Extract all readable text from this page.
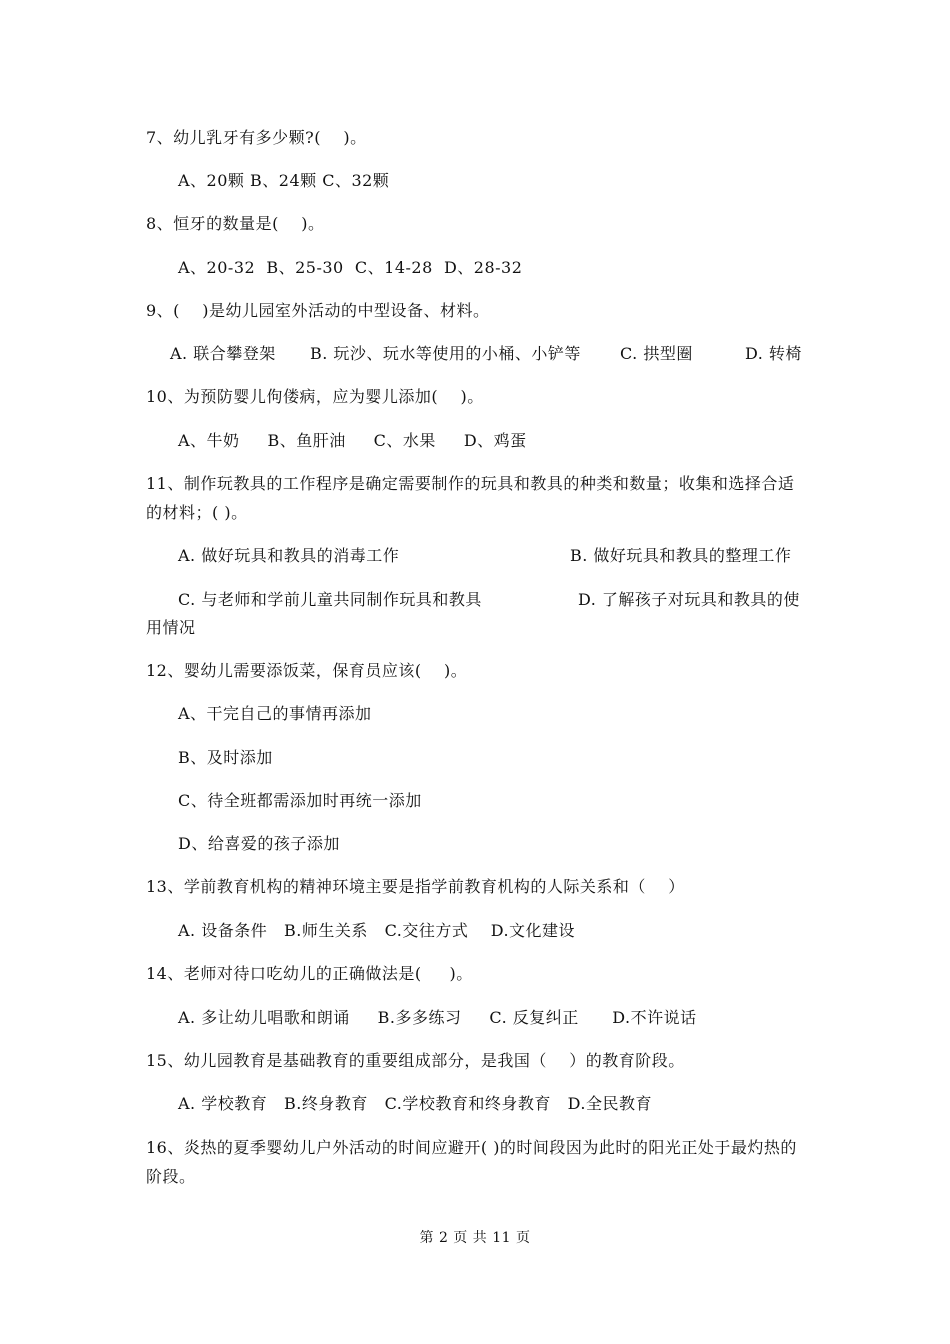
7、幼儿乳牙有多少颗?(    )。
A、20颗 B、24颗 C、32颗
8、恒牙的数量是(    )。
A、20-32  B、25-30  C、14-28  D、28-32
9、(    )是幼儿园室外活动的中型设备、材料。
A. 联合攀登架 B. 玩沙、玩水等使用的小桶、小铲等 C. 拱型圈	D. 转椅
10、为预防婴儿佝偻病，应为婴儿添加(    )。
A、牛奶     B、鱼肝油     C、水果     D、鸡蛋
11、制作玩教具的工作程序是确定需要制作的玩具和教具的种类和数量；收集和选择合适的材料；( )。
A. 做好玩具和教具的消毒工作	B. 做好玩具和教具的整理工作
C. 与老师和学前儿童共同制作玩具和教具	D. 了解孩子对玩具和教具的使
用情况
12、婴幼儿需要添饭菜，保育员应该(    )。
A、干完自己的事情再添加
B、及时添加
C、待全班都需添加时再统一添加
D、给喜爱的孩子添加
13、学前教育机构的精神环境主要是指学前教育机构的人际关系和（    ）
A. 设备条件   B.师生关系   C.交往方式    D.文化建设
14、老师对待口吃幼儿的正确做法是(     )。
A. 多让幼儿唱歌和朗诵     B.多多练习     C. 反复纠正      D.不许说话
15、幼儿园教育是基础教育的重要组成部分，是我国（    ）的教育阶段。
A. 学校教育   B.终身教育   C.学校教育和终身教育   D.全民教育
16、炎热的夏季婴幼儿户外活动的时间应避开( )的时间段因为此时的阳光正处于最灼热的阶段。
第 2 页 共 11 页
